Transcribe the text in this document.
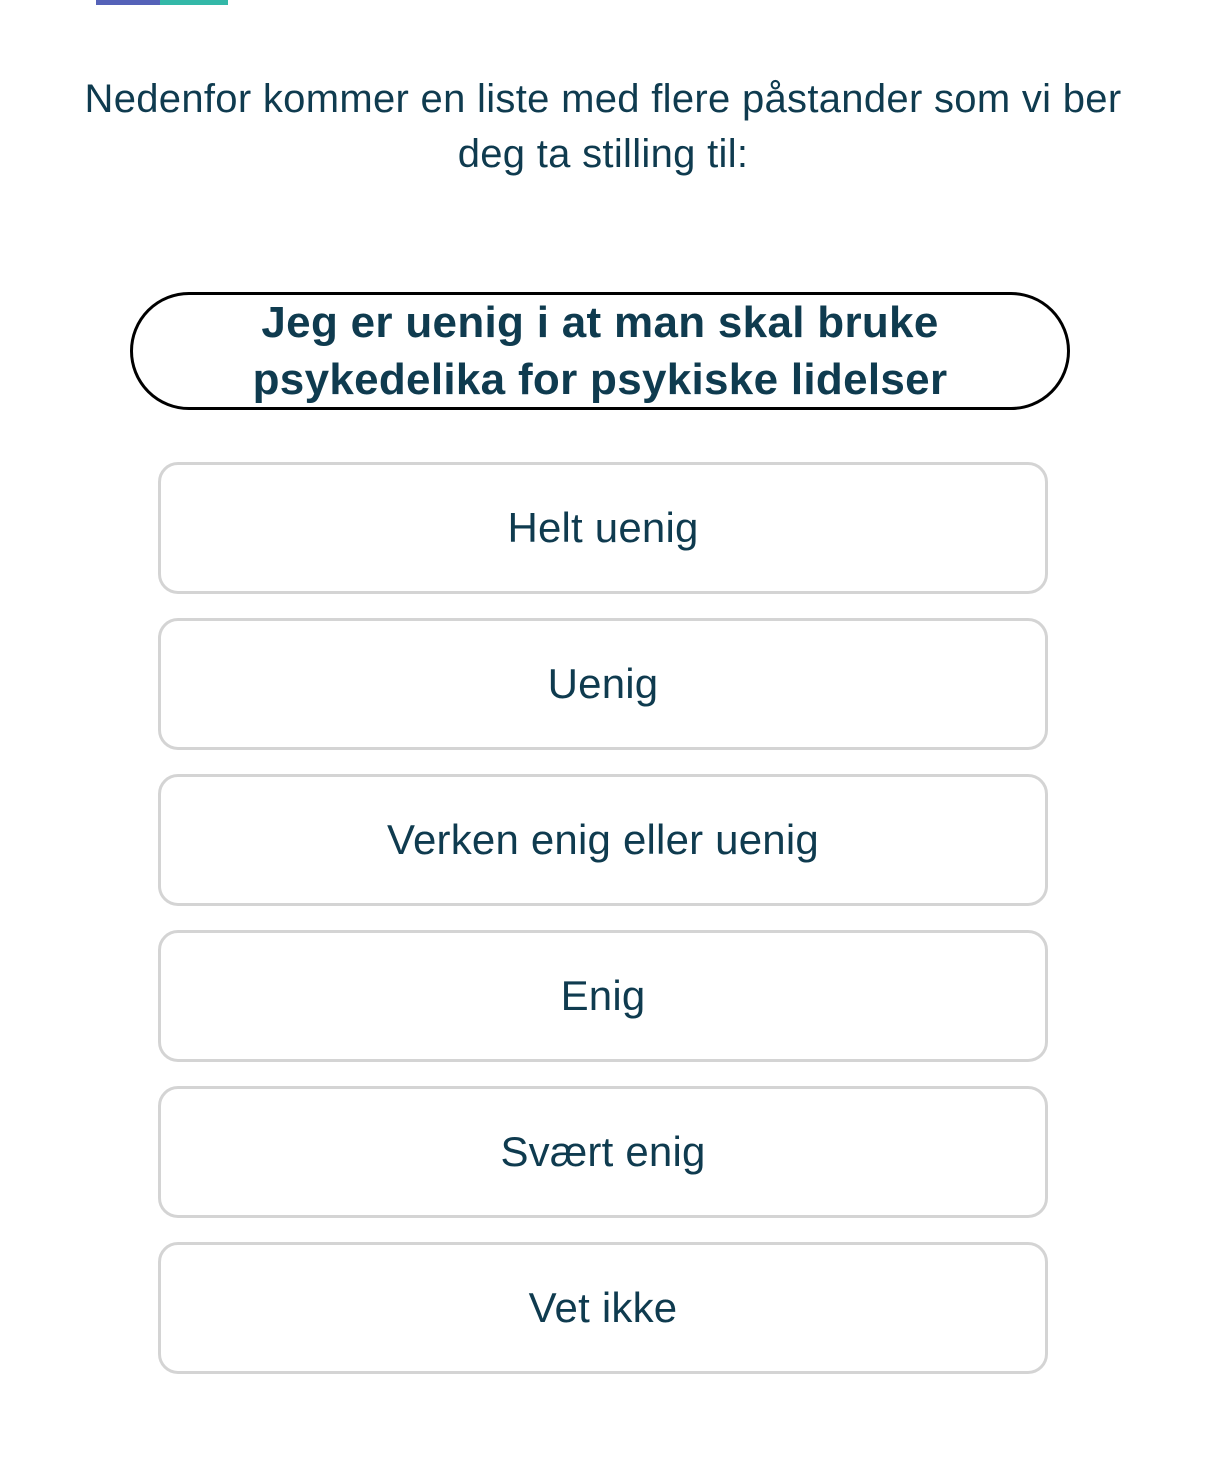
Nedenfor kommer en liste med flere påstander som vi ber deg ta stilling til:
Jeg er uenig i at man skal bruke psykedelika for psykiske lidelser
Helt uenig
Uenig
Verken enig eller uenig
Enig
Svært enig
Vet ikke
